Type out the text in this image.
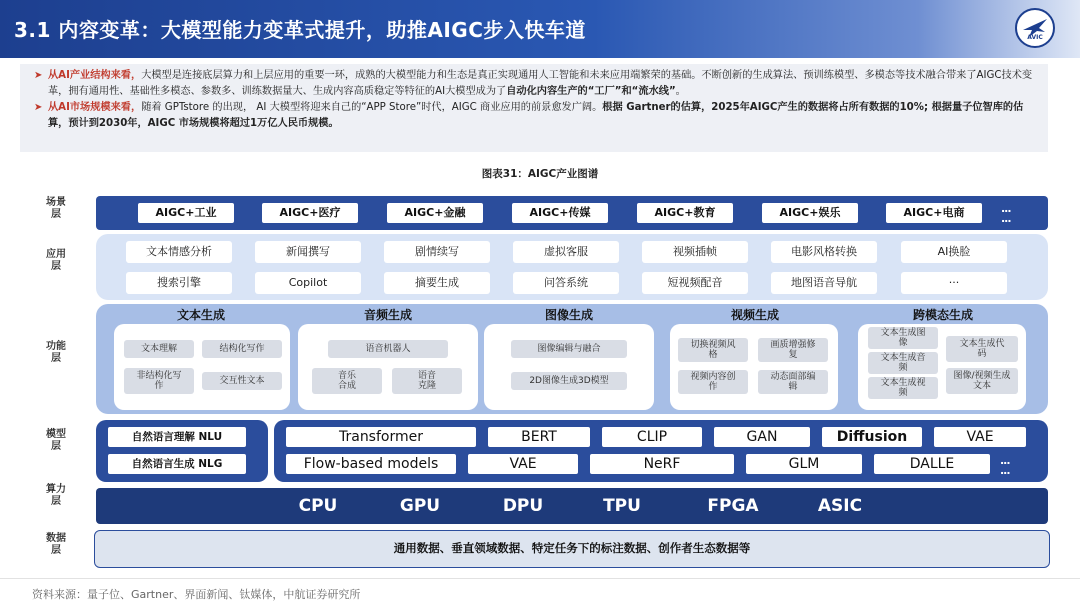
3.1 内容变革：大模型能力变革式提升，助推AIGC步入快车道	AVIC
➤ 从AI产业结构来看，大模型是连接底层算力和上层应用的重要一环，成熟的大模型能力和生态是真正实现通用人工智能和未来应用端繁荣的基础。不断创新的生成算法、预训练模型、多模态等技术融合带来了AIGC技术变革，拥有通用性、基础性多模态、参数多、训练数据量大、生成内容高质稳定等特征的AI大模型成为了自动化内容生产的“工厂”和“流水线”。
➤ 从AI市场规模来看，随着 GPTstore 的出现， AI 大模型将迎来自己的“APP Store”时代，AIGC 商业应用的前景愈发广阔。根据 Gartner的估算，2025年AIGC产生的数据将占所有数据的10%; 根据量子位智库的估算，预计到2030年，AIGC 市场规模将超过1万亿人民币规模。
图表31：AIGC产业图谱
场景层
应用层
功能层
模型层
算力层
数据层
AIGC+工业	AIGC+医疗	AIGC+金融	AIGC+传媒	AIGC+教育	AIGC+娱乐	AIGC+电商	...
...
文本情感分析	新闻撰写	剧情续写	虚拟客服	视频插帧	电影风格转换	AI换脸
搜索引擎	Copilot	摘要生成	问答系统	短视频配音	地图语音导航	...
文本生成
文本理解	结构化写作
非结构化写作	交互性文本
音频生成
语音机器人
音乐合成
语音克隆
图像生成
图像编辑与融合
2D图像生成3D模型
视频生成
切换视频风格
画质增强修复
视频内容创作
动态面部编辑
跨模态生成
文本生成图像	文本生成代码
文本生成音频
图像/视频生成文本
文本生成视频
自然语言理解 NLU
自然语言生成 NLG
Transformer	BERT	CLIP	GAN	Diffusion	VAE
Flow-based models	VAE	NeRF	GLM	DALLE	...
...
CPU	GPU	DPU	TPU	FPGA	ASIC
通用数据、垂直领域数据、特定任务下的标注数据、创作者生态数据等
资料来源：量子位、Gartner、界面新闻、钛媒体，中航证券研究所
